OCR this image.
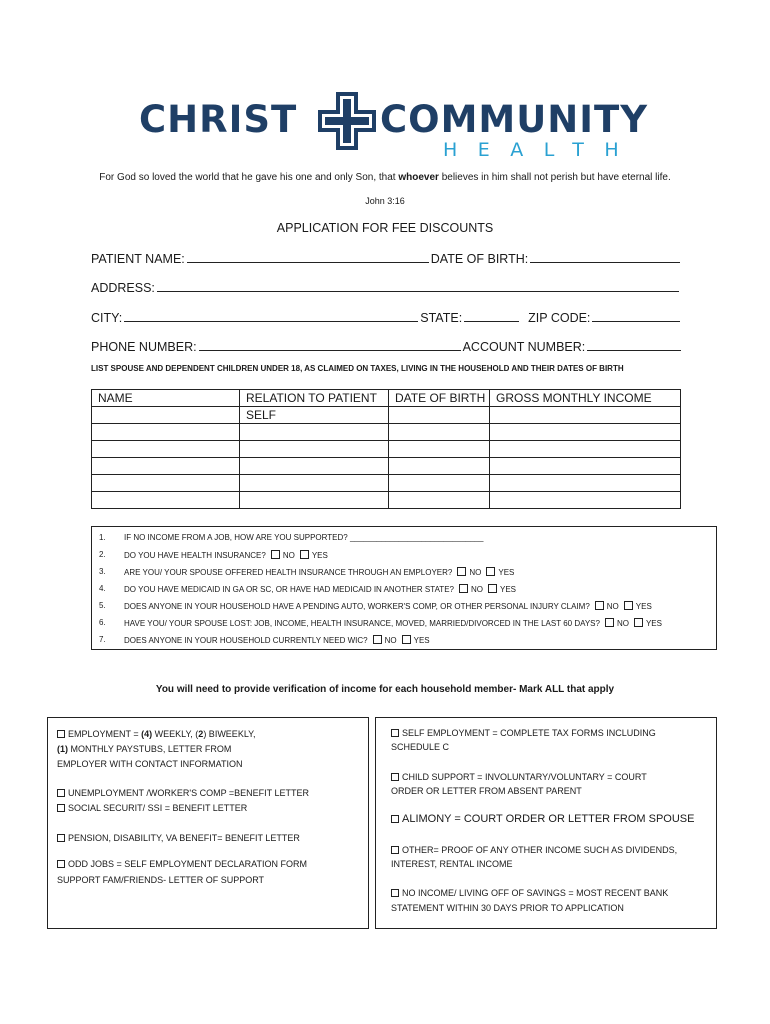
CHRIST COMMUNITY
HEALTH
For God so loved the world that he gave his one and only Son, that whoever believes in him shall not perish but have eternal life.
John 3:16
APPLICATION FOR FEE DISCOUNTS
PATIENT NAME:	DATE OF BIRTH:
ADDRESS:
CITY:	STATE:	ZIP CODE:
PHONE NUMBER:	ACCOUNT NUMBER:
LIST SPOUSE AND DEPENDENT CHILDREN UNDER 18, AS CLAIMED ON TAXES, LIVING IN THE HOUSEHOLD AND THEIR DATES OF BIRTH
NAME	RELATION TO PATIENT	DATE OF BIRTH	GROSS MONTHLY INCOME
	SELF		

1.	IF NO INCOME FROM A JOB, HOW ARE YOU SUPPORTED? ______________________________
2.	DO YOU HAVE HEALTH INSURANCE? NO YES
3.	ARE YOU/ YOUR SPOUSE OFFERED HEALTH INSURANCE THROUGH AN EMPLOYER? NO YES
4.	DO YOU HAVE MEDICAID IN GA OR SC, OR HAVE HAD MEDICAID IN ANOTHER STATE? NO YES
5.	DOES ANYONE IN YOUR HOUSEHOLD HAVE A PENDING AUTO, WORKER'S COMP, OR OTHER PERSONAL INJURY CLAIM? NO YES
6.	HAVE YOU/ YOUR SPOUSE LOST: JOB, INCOME, HEALTH INSURANCE, MOVED, MARRIED/DIVORCED IN THE LAST 60 DAYS? NO YES
7.	DOES ANYONE IN YOUR HOUSEHOLD CURRENTLY NEED WIC? NO YES
You will need to provide verification of income for each household member- Mark ALL that apply
EMPLOYMENT = (4) WEEKLY, (2) BIWEEKLY,
(1) MONTHLY PAYSTUBS, LETTER FROM
EMPLOYER WITH CONTACT INFORMATION
UNEMPLOYMENT /WORKER'S COMP =BENEFIT LETTER
SOCIAL SECURIT/ SSI = BENEFIT LETTER
PENSION, DISABILITY, VA BENEFIT= BENEFIT LETTER
ODD JOBS = SELF EMPLOYMENT DECLARATION FORM
SUPPORT FAM/FRIENDS- LETTER OF SUPPORT
SELF EMPLOYMENT = COMPLETE TAX FORMS INCLUDING
SCHEDULE C
CHILD SUPPORT = INVOLUNTARY/VOLUNTARY = COURT
ORDER OR LETTER FROM ABSENT PARENT
ALIMONY = COURT ORDER OR LETTER FROM SPOUSE
OTHER= PROOF OF ANY OTHER INCOME SUCH AS DIVIDENDS,
INTEREST, RENTAL INCOME
NO INCOME/ LIVING OFF OF SAVINGS = MOST RECENT BANK
STATEMENT WITHIN 30 DAYS PRIOR TO APPLICATION
